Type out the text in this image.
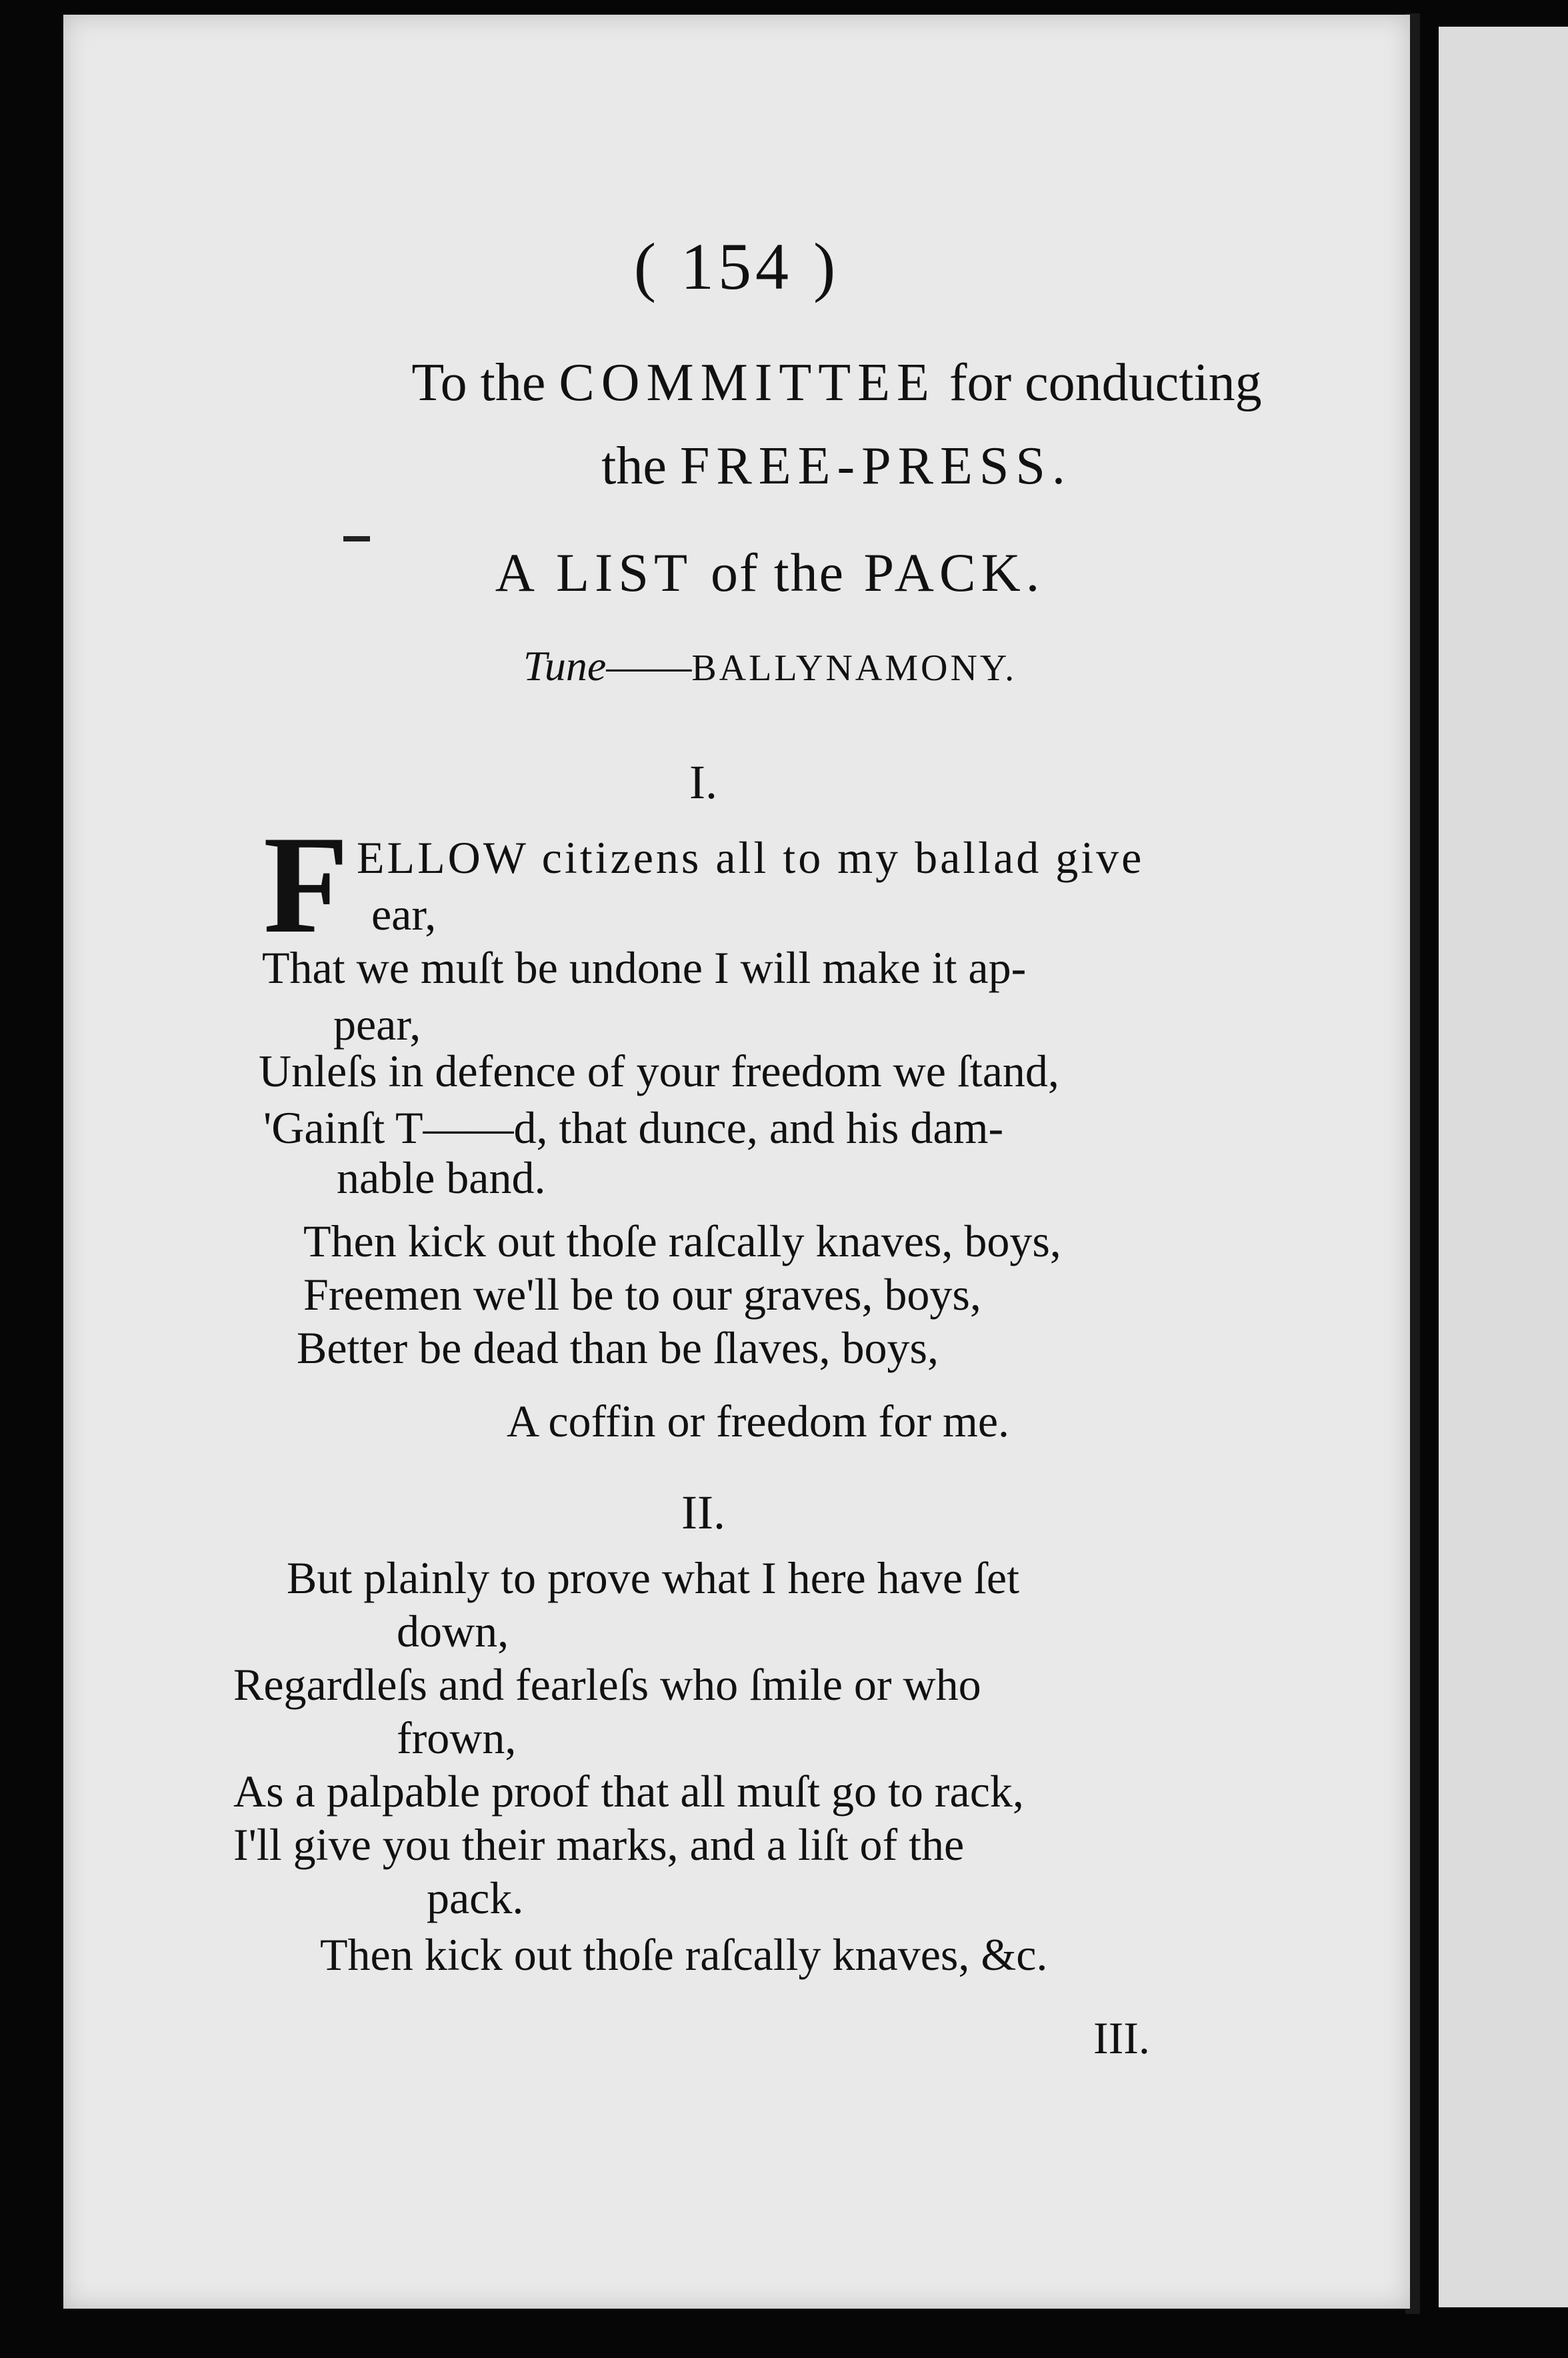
( 154 )
To the COMMITTEE for conducting
the FREE-PRESS.
A LIST of the PACK.
Tune——BALLYNAMONY.
I.
F ELLOW citizens all to my ballad give
ear,
That we muſt be undone I will make it ap-
pear,
Unleſs in defence of your freedom we ſtand,
'Gainſt T——d, that dunce, and his dam-
nable band.
Then kick out thoſe raſcally knaves, boys,
Freemen we'll be to our graves, boys,
Better be dead than be ſlaves, boys,
A coffin or freedom for me.
II.
But plainly to prove what I here have ſet
down,
Regardleſs and fearleſs who ſmile or who
frown,
As a palpable proof that all muſt go to rack,
I'll give you their marks, and a liſt of the
pack.
Then kick out thoſe raſcally knaves, &c.
III.
